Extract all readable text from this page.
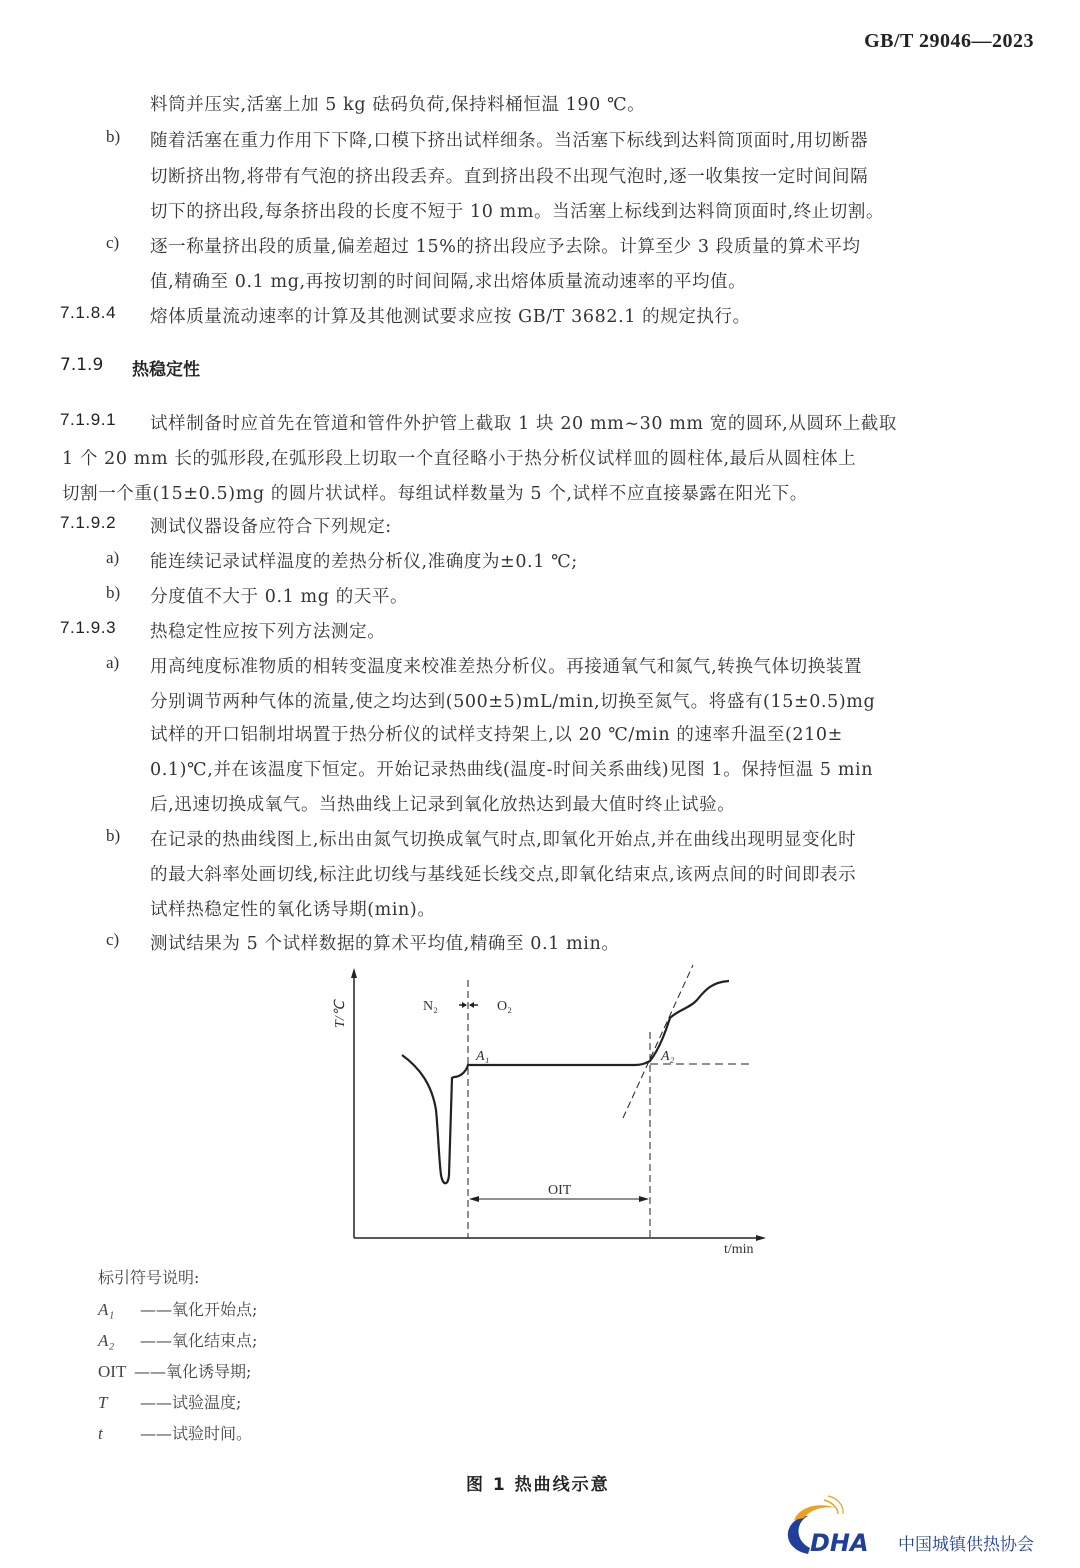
GB/T 29046—2023
料筒并压实,活塞上加 5 kg 砝码负荷,保持料桶恒温 190 ℃。
b) 随着活塞在重力作用下下降,口模下挤出试样细条。当活塞下标线到达料筒顶面时,用切断器
切断挤出物,将带有气泡的挤出段丢弃。直到挤出段不出现气泡时,逐一收集按一定时间间隔
切下的挤出段,每条挤出段的长度不短于 10 mm。当活塞上标线到达料筒顶面时,终止切割。
c) 逐一称量挤出段的质量,偏差超过 15%的挤出段应予去除。计算至少 3 段质量的算术平均
值,精确至 0.1 mg,再按切割的时间间隔,求出熔体质量流动速率的平均值。
7.1.8.4 熔体质量流动速率的计算及其他测试要求应按 GB/T 3682.1 的规定执行。
7.1.9 热稳定性
7.1.9.1 试样制备时应首先在管道和管件外护管上截取 1 块 20 mm~30 mm 宽的圆环,从圆环上截取
1 个 20 mm 长的弧形段,在弧形段上切取一个直径略小于热分析仪试样皿的圆柱体,最后从圆柱体上
切割一个重(15±0.5)mg 的圆片状试样。每组试样数量为 5 个,试样不应直接暴露在阳光下。
7.1.9.2 测试仪器设备应符合下列规定:
a) 能连续记录试样温度的差热分析仪,准确度为±0.1 ℃;
b) 分度值不大于 0.1 mg 的天平。
7.1.9.3 热稳定性应按下列方法测定。
a) 用高纯度标准物质的相转变温度来校准差热分析仪。再接通氧气和氮气,转换气体切换装置
分别调节两种气体的流量,使之均达到(500±5)mL/min,切换至氮气。将盛有(15±0.5)mg
试样的开口铝制坩埚置于热分析仪的试样支持架上,以 20 ℃/min 的速率升温至(210±
0.1)℃,并在该温度下恒定。开始记录热曲线(温度-时间关系曲线)见图 1。保持恒温 5 min
后,迅速切换成氧气。当热曲线上记录到氧化放热达到最大值时终止试验。
b) 在记录的热曲线图上,标出由氮气切换成氧气时点,即氧化开始点,并在曲线出现明显变化时
的最大斜率处画切线,标注此切线与基线延长线交点,即氧化结束点,该两点间的时间即表示
试样热稳定性的氧化诱导期(min)。
c) 测试结果为 5 个试样数据的算术平均值,精确至 0.1 min。
T/℃	N₂	O₂
A₁	A₂
OIT
t/min
标引符号说明:
A₁ ——氧化开始点;
A₂ ——氧化结束点;
OIT ——氧化诱导期;
T ——试验温度;
t ——试验时间。
图 1 热曲线示意
DHA 中国城镇供热协会
